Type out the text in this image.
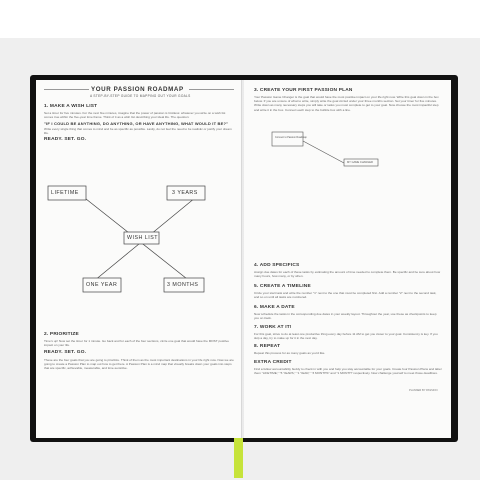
YOUR PASSION ROADMAP
A STEP-BY-STEP GUIDE TO MAPPING OUT YOUR GOALS
1. MAKE A WISH LIST
Set a timer for five minutes. For the next five minutes, imagine that the power of passion is limitless: whatever you write on a wish list comes true within the five-year time frame. Think of it as a wish list describing your ideal life. The question:
"IF I COULD BE ANYTHING, DO ANYTHING, OR HAVE ANYTHING, WHAT WOULD IT BE?"
Write every single thing that comes to mind and be as specific as possible. Lastly, do not feel the need to be realistic or justify your dream life.
READY. SET. GO.
LIFETIME	3 YEARS
WISH LIST
ONE YEAR	3 MONTHS
2. PRIORITIZE
Time's up! Now set the timer for 1 minute. Go back and for each of the four sections, circle one goal that would have the MOST positive impact on your life.
READY. SET. GO.
These are the four goals that you are going to prioritize. Think of them as the most important destinations in your life right now. Now we are going to create a Passion Plan to map out how to get there. A Passion Plan is a mind map that visually breaks down your goals into steps that are specific, achievable, measurable, and time-sensitive.
3. CREATE YOUR FIRST PASSION PLAN
Your Passion Game Changer is the goal that would have the most positive impact on your life right now. Write this goal down in the box below. If you are unsure of what to write, simply write the goal circled under your three months section. Set your timer for five minutes. Write down as many necessary steps you will take or tasks you must complete to get to your goal. Now choose the most impactful step and write it in the box. Connect each step to the bubble box with a line.
Connect to Passion Roadmap
MY GAME CHANGER
4. ADD SPECIFICS
Assign due dates for each of these tasks by estimating the amount of time needed to complete them. Be specific and be sure about how many hours, how many, or by when.
5. CREATE A TIMELINE
Circle your start task and write the number "1" next to the one that must be completed first. Add a number "2" next to the second task, and so on until all tasks are numbered.
6. MAKE A DATE
Now schedule the tasks in the corresponding due dates in your weekly layout. Throughout the year, use these as checkpoints to keep you on track.
7. WORK AT IT!
For this goal, strive to do at least one productive thing every day before 11 AM to get you closer to your goal. Consistency is key. If you skip a day, try to make up for it in the next day.
8. REPEAT
Repeat this process for as many goals as you'd like.
EXTRA CREDIT
Find a fellow accountability buddy to check in with you and help you stay accountable for your goals. Create four Passion Plans and label them "LIFETIME," "5 YEARS," "1 YEAR," "3 MONTHS" and "1 MONTH" respectively. Now challenge yourself to meet those deadlines.
PLANNER BY PASSION
